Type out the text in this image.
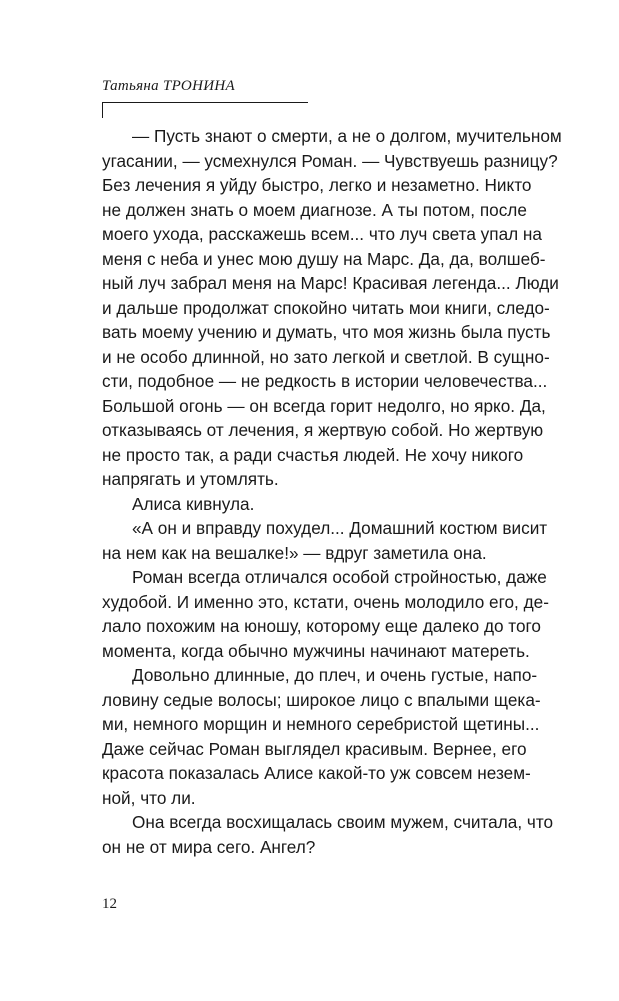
Татьяна ТРОНИНА
— Пусть знают о смерти, а не о долгом, мучительном
угасании, — усмехнулся Роман. — Чувствуешь разницу?
Без лечения я уйду быстро, легко и незаметно. Никто
не должен знать о моем диагнозе. А ты потом, после
моего ухода, расскажешь всем... что луч света упал на
меня с неба и унес мою душу на Марс. Да, да, волшеб-
ный луч забрал меня на Марс! Красивая легенда... Люди
и дальше продолжат спокойно читать мои книги, следо-
вать моему учению и думать, что моя жизнь была пусть
и не особо длинной, но зато легкой и светлой. В сущно-
сти, подобное — не редкость в истории человечества...
Большой огонь — он всегда горит недолго, но ярко. Да,
отказываясь от лечения, я жертвую собой. Но жертвую
не просто так, а ради счастья людей. Не хочу никого
напрягать и утомлять.
Алиса кивнула.
«А он и вправду похудел... Домашний костюм висит
на нем как на вешалке!» — вдруг заметила она.
Роман всегда отличался особой стройностью, даже
худобой. И именно это, кстати, очень молодило его, де-
лало похожим на юношу, которому еще далеко до того
момента, когда обычно мужчины начинают матереть.
Довольно длинные, до плеч, и очень густые, напо-
ловину седые волосы; широкое лицо с впалыми щека-
ми, немного морщин и немного серебристой щетины...
Даже сейчас Роман выглядел красивым. Вернее, его
красота показалась Алисе какой-то уж совсем незем-
ной, что ли.
Она всегда восхищалась своим мужем, считала, что
он не от мира сего. Ангел?
12
